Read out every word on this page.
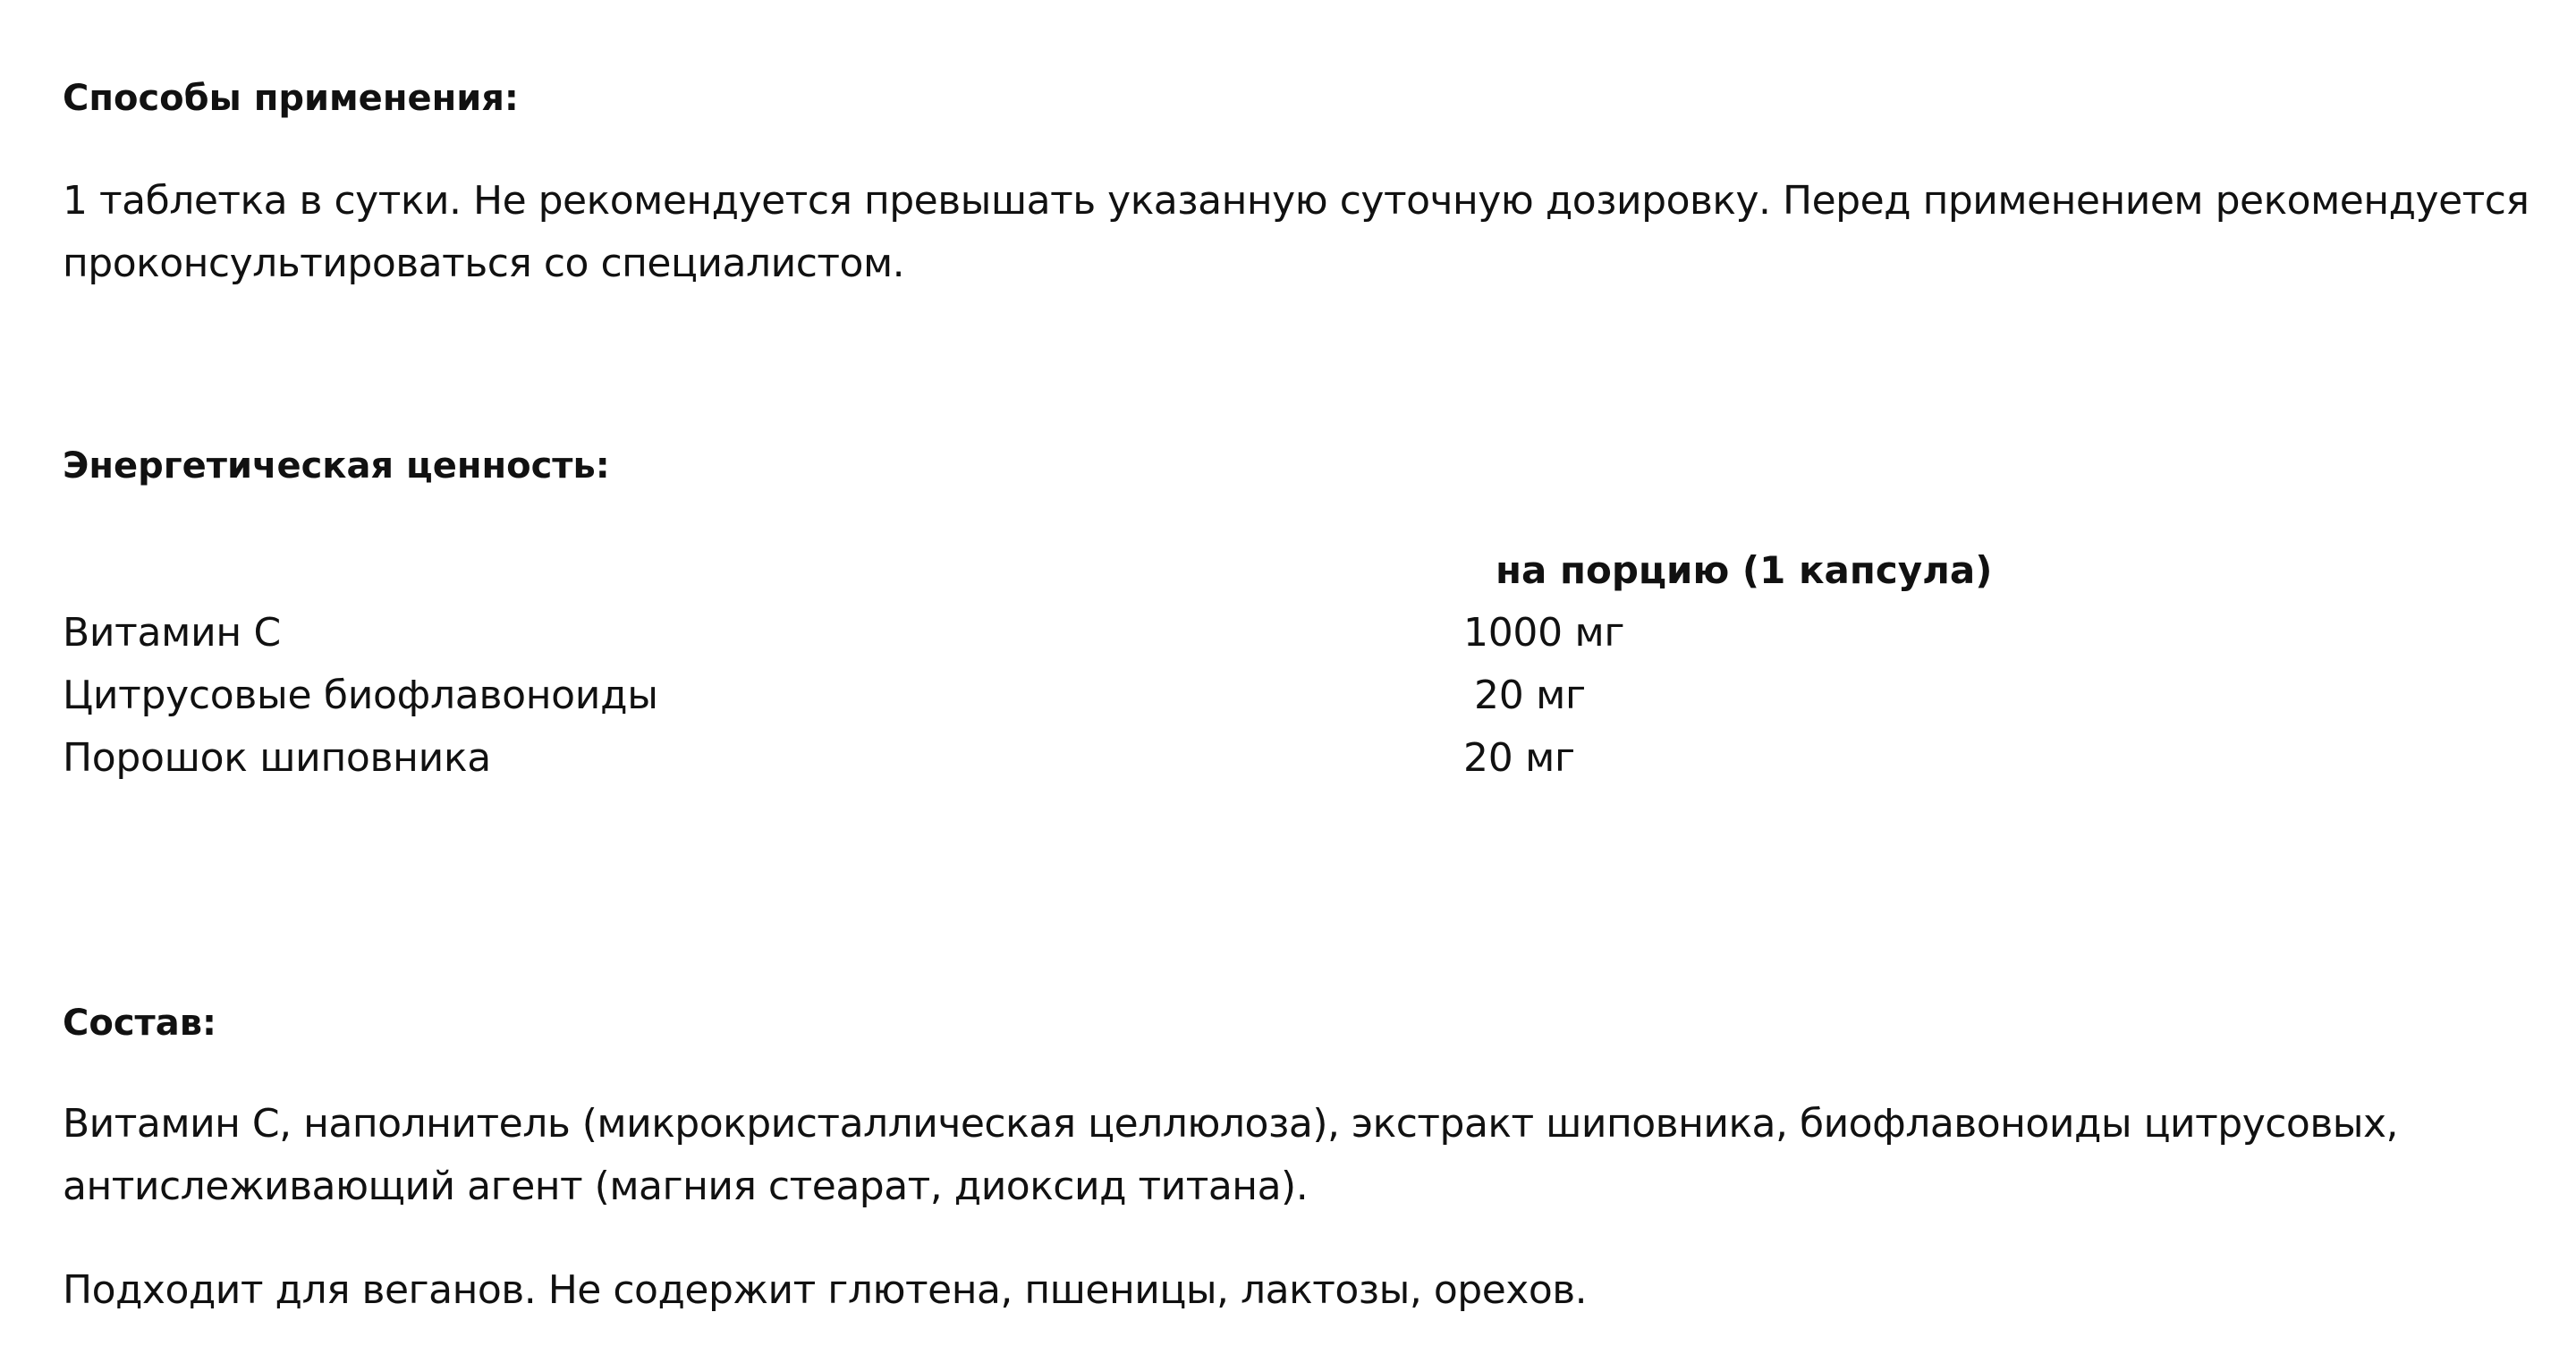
Способы применения:

1 таблетка в сутки. Не рекомендуется превышать указанную суточную дозировку. Перед применением рекомендуется
проконсультироваться со специалистом.

Энергетическая ценность:
на порцию (1 капсула)
Витамин С	1000 мг
Цитрусовые биофлавоноиды	20 мг
Порошок шиповника	20 мг
Состав:

Витамин С, наполнитель (микрокристаллическая целлюлоза), экстракт шиповника, биофлавоноиды цитрусовых,
антислеживающий агент (магния стеарат, диоксид титана).

Подходит для веганов. Не содержит глютена, пшеницы, лактозы, орехов.
